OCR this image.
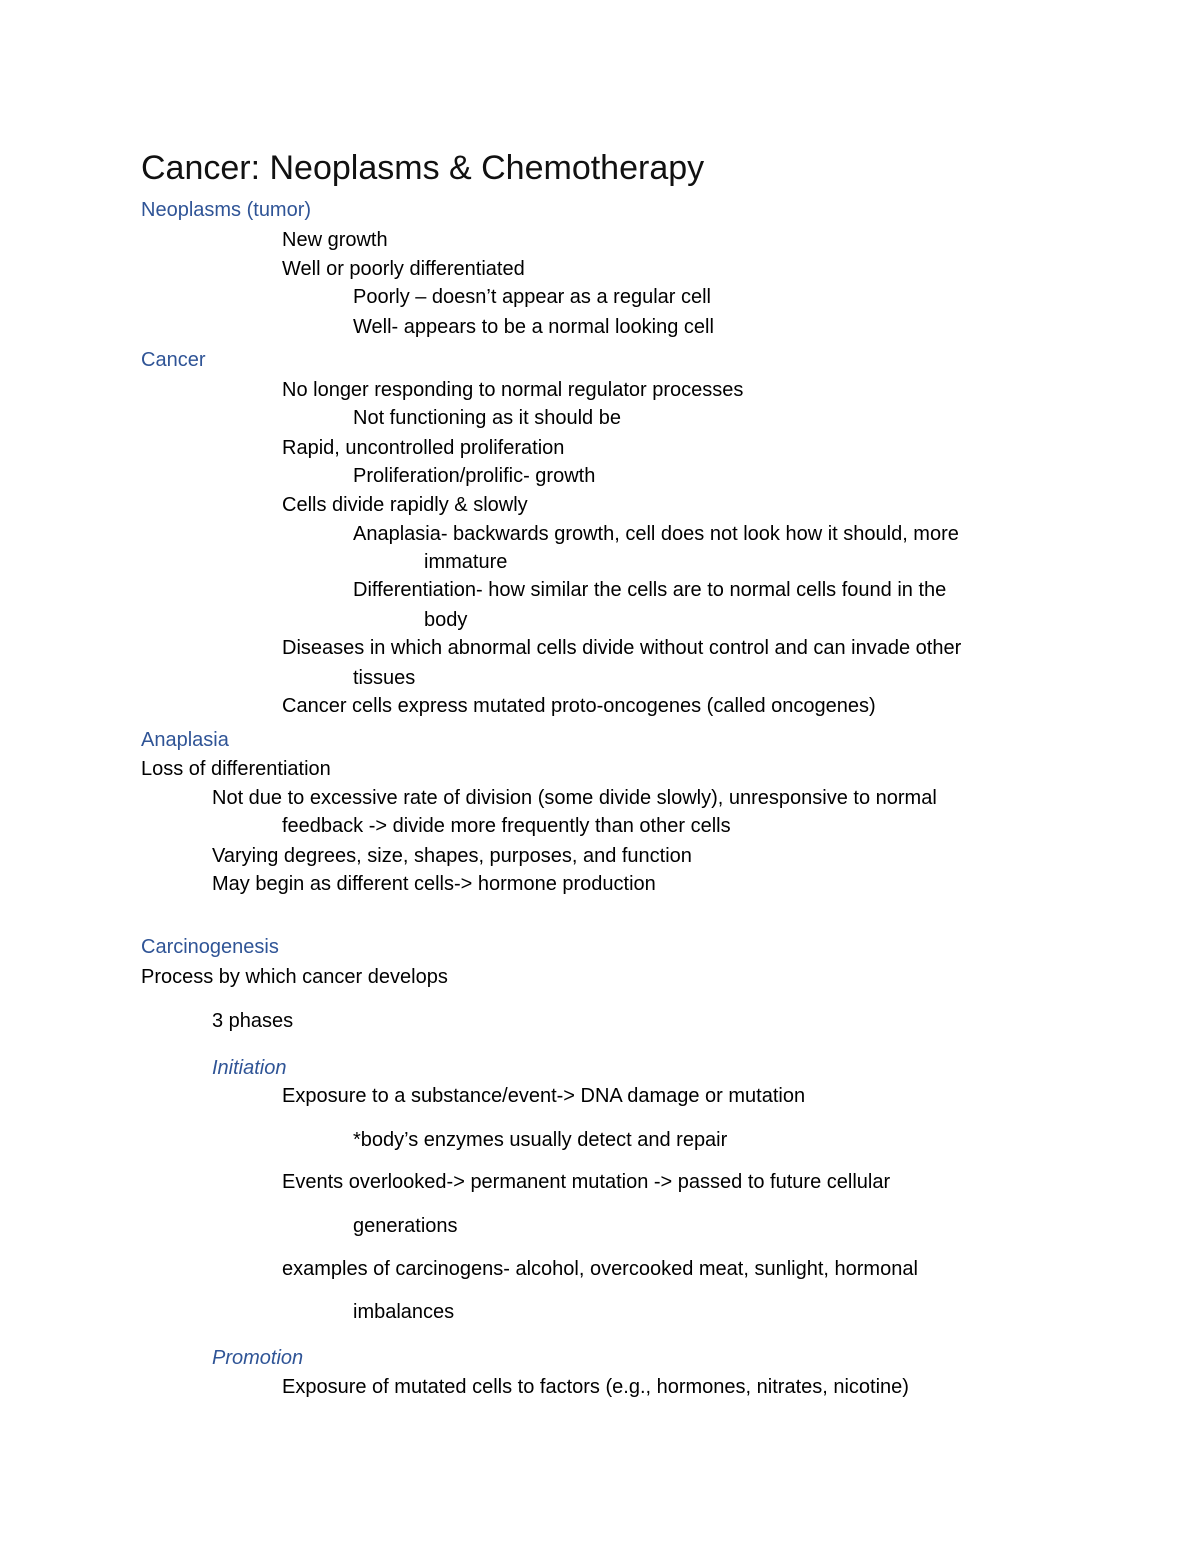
Cancer: Neoplasms & Chemotherapy
Neoplasms (tumor)
New growth
Well or poorly differentiated
Poorly – doesn’t appear as a regular cell
Well- appears to be a normal looking cell
Cancer
No longer responding to normal regulator processes
Not functioning as it should be
Rapid, uncontrolled proliferation
Proliferation/prolific- growth
Cells divide rapidly & slowly
Anaplasia- backwards growth, cell does not look how it should, more
immature
Differentiation- how similar the cells are to normal cells found in the
body
Diseases in which abnormal cells divide without control and can invade other
tissues
Cancer cells express mutated proto-oncogenes (called oncogenes)
Anaplasia
Loss of differentiation
Not due to excessive rate of division (some divide slowly), unresponsive to normal
feedback -> divide more frequently than other cells
Varying degrees, size, shapes, purposes, and function
May begin as different cells-> hormone production
Carcinogenesis
Process by which cancer develops
3 phases
Initiation
Exposure to a substance/event-> DNA damage or mutation
*body’s enzymes usually detect and repair
Events overlooked-> permanent mutation -> passed to future cellular
generations
examples of carcinogens- alcohol, overcooked meat, sunlight, hormonal
imbalances
Promotion
Exposure of mutated cells to factors (e.g., hormones, nitrates, nicotine)
